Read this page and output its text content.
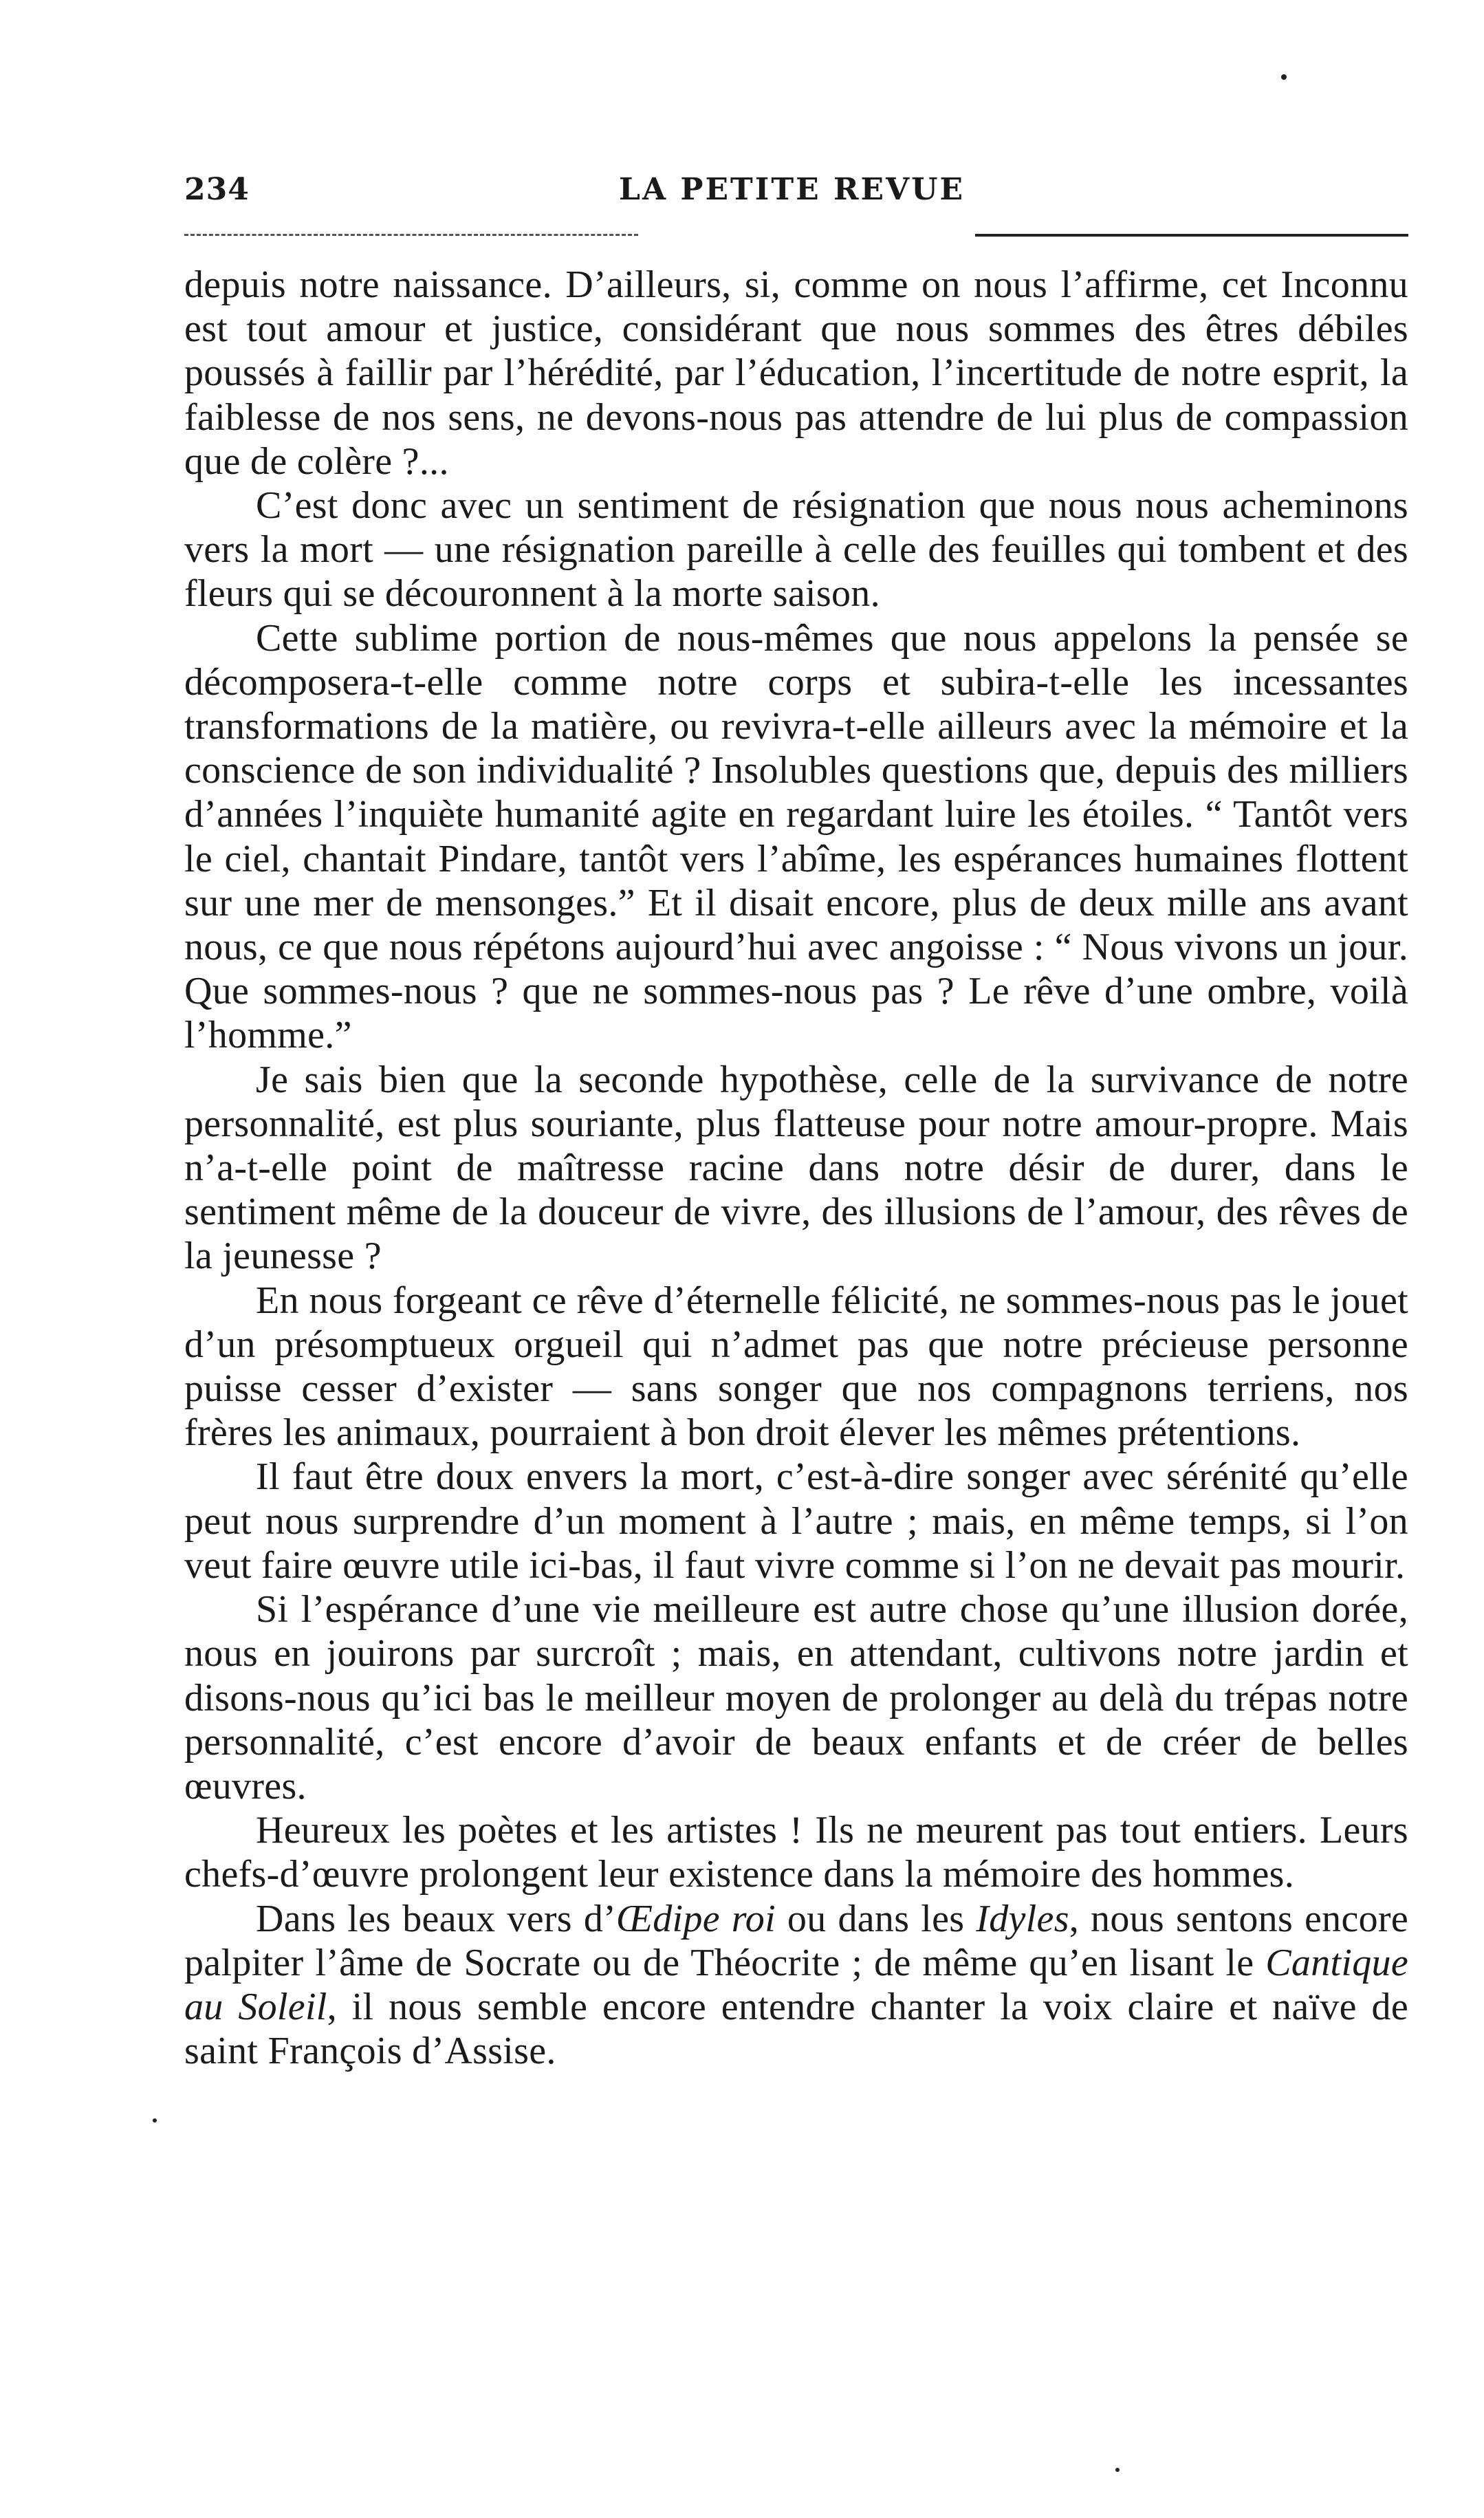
234	LA PETITE REVUE

depuis notre naissance. D’ailleurs, si, comme on nous l’affirme, cet Inconnu est tout amour et justice, considérant que nous sommes des êtres débiles poussés à faillir par l’hérédité, par l’éducation, l’incertitude de notre esprit, la faiblesse de nos sens, ne devons-nous pas attendre de lui plus de compassion que de colère ?...

C’est donc avec un sentiment de résignation que nous nous acheminons vers la mort — une résignation pareille à celle des feuilles qui tombent et des fleurs qui se découronnent à la morte saison.

Cette sublime portion de nous-mêmes que nous appelons la pensée se décomposera-t-elle comme notre corps et subira-t-elle les incessantes transformations de la matière, ou revivra-t-elle ailleurs avec la mémoire et la conscience de son individualité ? Insolubles questions que, depuis des milliers d’années l’inquiète humanité agite en regardant luire les étoiles. “ Tantôt vers le ciel, chantait Pindare, tantôt vers l’abîme, les espérances humaines flottent sur une mer de mensonges.” Et il disait encore, plus de deux mille ans avant nous, ce que nous répétons aujourd’hui avec angoisse : “ Nous vivons un jour. Que sommes-nous ? que ne sommes-nous pas ? Le rêve d’une ombre, voilà l’homme.”

Je sais bien que la seconde hypothèse, celle de la survivance de notre personnalité, est plus souriante, plus flatteuse pour notre amour-propre. Mais n’a-t-elle point de maîtresse racine dans notre désir de durer, dans le sentiment même de la douceur de vivre, des illusions de l’amour, des rêves de la jeunesse ?

En nous forgeant ce rêve d’éternelle félicité, ne sommes-nous pas le jouet d’un présomptueux orgueil qui n’admet pas que notre précieuse personne puisse cesser d’exister — sans songer que nos compagnons terriens, nos frères les animaux, pourraient à bon droit élever les mêmes prétentions.

Il faut être doux envers la mort, c’est-à-dire songer avec sérénité qu’elle peut nous surprendre d’un moment à l’autre ; mais, en même temps, si l’on veut faire œuvre utile ici-bas, il faut vivre comme si l’on ne devait pas mourir.

Si l’espérance d’une vie meilleure est autre chose qu’une illusion dorée, nous en jouirons par surcroît ; mais, en attendant, cultivons notre jardin et disons-nous qu’ici bas le meilleur moyen de prolonger au delà du trépas notre personnalité, c’est encore d’avoir de beaux enfants et de créer de belles œuvres.

Heureux les poètes et les artistes ! Ils ne meurent pas tout entiers. Leurs chefs-d’œuvre prolongent leur existence dans la mémoire des hommes.

Dans les beaux vers d’Œdipe roi ou dans les Idyles, nous sentons encore palpiter l’âme de Socrate ou de Théocrite ; de même qu’en lisant le Cantique au Soleil, il nous semble encore entendre chanter la voix claire et naïve de saint François d’Assise.
